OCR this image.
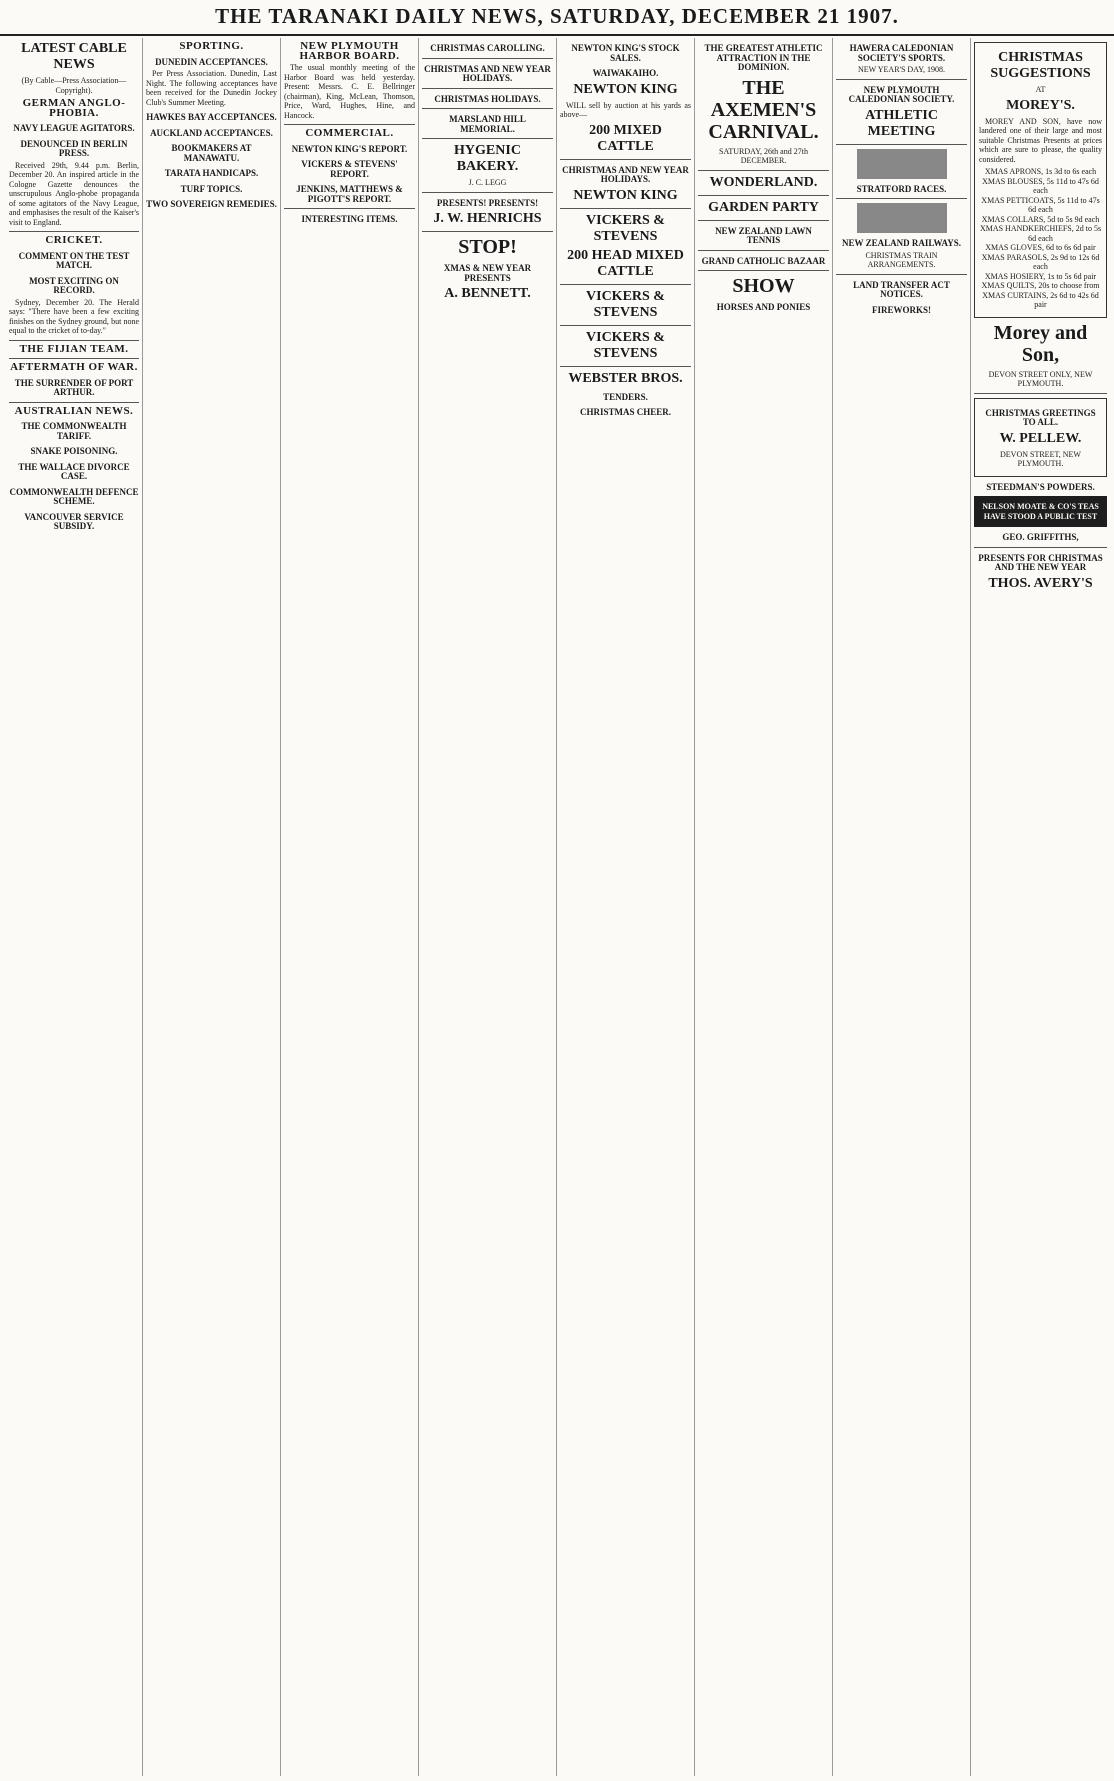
THE TARANAKI DAILY NEWS, SATURDAY, DECEMBER 21 1907.
LATEST CABLE NEWS

(By Cable—Press Association—Copyright).

GERMAN ANGLO-PHOBIA.
NAVY LEAGUE AGITATORS.
DENOUNCED IN BERLIN PRESS.

Received 29th, 9.44 p.m. Berlin, December 20. An inspired article in the Cologne Gazette denounces the unscrupulous Anglo-phobe propaganda of some agitators of the Navy League, and emphasises the result of the Kaiser's visit to England.

CRICKET.
COMMENT ON THE TEST MATCH.
MOST EXCITING ON RECORD.

Sydney, December 20. The Herald says: "There have been a few exciting finishes on the Sydney ground, but none equal to the cricket of to-day."

THE FIJIAN TEAM.
AFTERMATH OF WAR.
THE SURRENDER OF PORT ARTHUR.
AUSTRALIAN NEWS.
THE COMMONWEALTH TARIFF.
SNAKE POISONING.
THE WALLACE DIVORCE CASE.
COMMONWEALTH DEFENCE SCHEME.
VANCOUVER SERVICE SUBSIDY.
SPORTING.
DUNEDIN ACCEPTANCES.

Per Press Association. Dunedin, Last Night. The following acceptances have been received for the Dunedin Jockey Club's Summer Meeting.

HAWKES BAY ACCEPTANCES.
AUCKLAND ACCEPTANCES.
BOOKMAKERS AT MANAWATU.
TARATA HANDICAPS.
TURF TOPICS.
TWO SOVEREIGN REMEDIES.
NEW PLYMOUTH HARBOR BOARD.

The usual monthly meeting of the Harbor Board was held yesterday. Present: Messrs. C. E. Bellringer (chairman), King, McLean, Thomson, Price, Ward, Hughes, Hine, and Hancock.

COMMERCIAL.
NEWTON KING'S REPORT.
VICKERS & STEVENS' REPORT.
JENKINS, MATTHEWS & PIGOTT'S REPORT.
INTERESTING ITEMS.
CHRISTMAS CAROLLING.
CHRISTMAS AND NEW YEAR HOLIDAYS.
CHRISTMAS HOLIDAYS.
MARSLAND HILL MEMORIAL.
HYGENIC BAKERY.

J. C. LEGG

PRESENTS! PRESENTS!
J. W. HENRICHS
STOP!
XMAS & NEW YEAR PRESENTS
A. BENNETT.
NEWTON KING'S STOCK SALES.
WAIWAKAIHO.
NEWTON KING

WILL sell by auction at his yards as above—

200 MIXED CATTLE
CHRISTMAS AND NEW YEAR HOLIDAYS.
NEWTON KING
VICKERS & STEVENS
200 HEAD MIXED CATTLE
VICKERS & STEVENS
VICKERS & STEVENS
WEBSTER BROS.
TENDERS.
CHRISTMAS CHEER.
THE GREATEST ATHLETIC ATTRACTION IN THE DOMINION.
THE AXEMEN'S CARNIVAL.

SATURDAY, 26th and 27th DECEMBER.

WONDERLAND.
GARDEN PARTY
NEW ZEALAND LAWN TENNIS
GRAND CATHOLIC BAZAAR
SHOW
HORSES AND PONIES
HAWERA CALEDONIAN SOCIETY'S SPORTS.

NEW YEAR'S DAY, 1908.

NEW PLYMOUTH CALEDONIAN SOCIETY.
ATHLETIC MEETING
STRATFORD RACES.
NEW ZEALAND RAILWAYS.

CHRISTMAS TRAIN ARRANGEMENTS.

LAND TRANSFER ACT NOTICES.
FIREWORKS!
CHRISTMAS SUGGESTIONS

AT

MOREY'S.

MOREY AND SON, have now landered one of their large and most suitable Christmas Presents at prices which are sure to please, the quality considered.

XMAS APRONS, 1s 3d to 6s each
XMAS BLOUSES, 5s 11d to 47s 6d each
XMAS PETTICOATS, 5s 11d to 47s 6d each
XMAS COLLARS, 5d to 5s 9d each
XMAS HANDKERCHIEFS, 2d to 5s 6d each
XMAS GLOVES, 6d to 6s 6d pair
XMAS PARASOLS, 2s 9d to 12s 6d each
XMAS HOSIERY, 1s to 5s 6d pair
XMAS QUILTS, 20s to choose from
XMAS CURTAINS, 2s 6d to 42s 6d pair

Morey and Son,

DEVON STREET ONLY, NEW PLYMOUTH.

CHRISTMAS GREETINGS TO ALL.
W. PELLEW.

DEVON STREET, NEW PLYMOUTH.

STEEDMAN'S POWDERS.
NELSON MOATE & CO'S TEAS
HAVE STOOD A PUBLIC TEST
GEO. GRIFFITHS,
PRESENTS FOR CHRISTMAS AND THE NEW YEAR
THOS. AVERY'S
